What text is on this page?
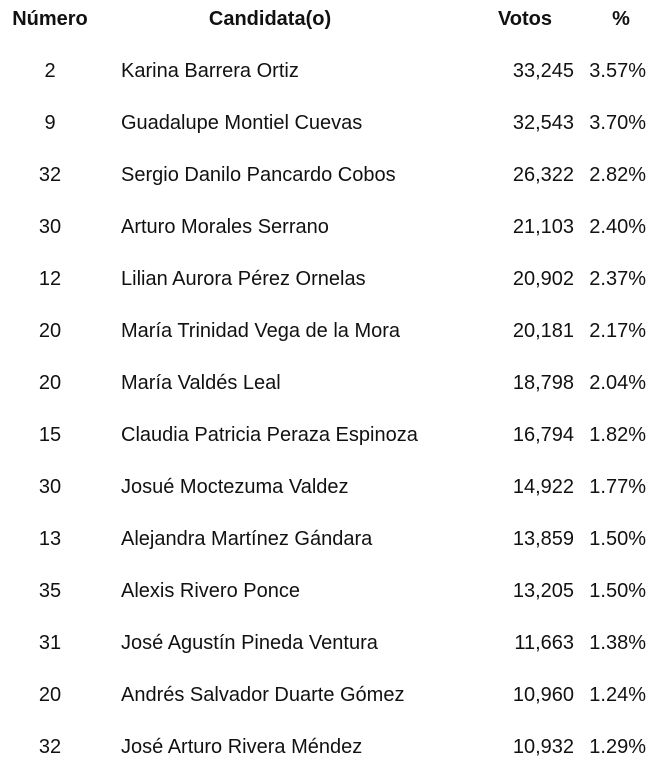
Número	Candidata(o)	Votos	%
2	Karina Barrera Ortiz	33,245 3.57%
9	Guadalupe Montiel Cuevas	32,543 3.70%
32	Sergio Danilo Pancardo Cobos	26,322 2.82%
30	Arturo Morales Serrano	21,103 2.40%
12	Lilian Aurora Pérez Ornelas	20,902 2.37%
20	María Trinidad Vega de la Mora	20,181 2.17%
20	María Valdés Leal	18,798 2.04%
15	Claudia Patricia Peraza Espinoza	16,794 1.82%
30	Josué Moctezuma Valdez	14,922 1.77%
13	Alejandra Martínez Gándara	13,859 1.50%
35	Alexis Rivero Ponce	13,205 1.50%
31	José Agustín Pineda Ventura	11,663 1.38%
20	Andrés Salvador Duarte Gómez	10,960 1.24%
32	José Arturo Rivera Méndez	10,932 1.29%
